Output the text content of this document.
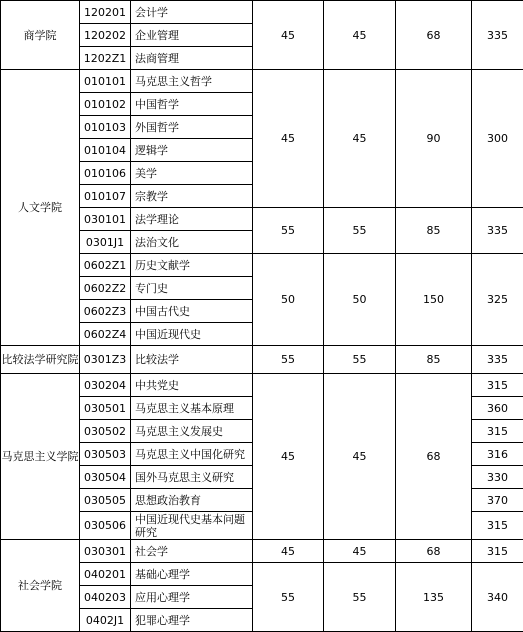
商学院	120201	会计学	45	45	68	335
	120202	企业管理				
	1202Z1	法商管理				
人文学院	010101	马克思主义哲学	45	45	90	300
	010102	中国哲学				
	010103	外国哲学				
	010104	逻辑学				
	010106	美学				
	010107	宗教学				
	030101	法学理论	55	55	85	335
	0301J1	法治文化				
	0602Z1	历史文献学	50	50	150	325
	0602Z2	专门史				
	0602Z3	中国古代史				
	0602Z4	中国近现代史				
比较法学研究院	0301Z3	比较法学	55	55	85	335
马克思主义学院	030204	中共党史	45	45	68	315
	030501	马克思主义基本原理				360
	030502	马克思主义发展史				315
	030503	马克思主义中国化研究				316
	030504	国外马克思主义研究				330
	030505	思想政治教育				370
	030506	中国近现代史基本问题研究				315
社会学院	030301	社会学	45	45	68	315
	040201	基础心理学	55	55	135	340
	040203	应用心理学				
	0402J1	犯罪心理学				
